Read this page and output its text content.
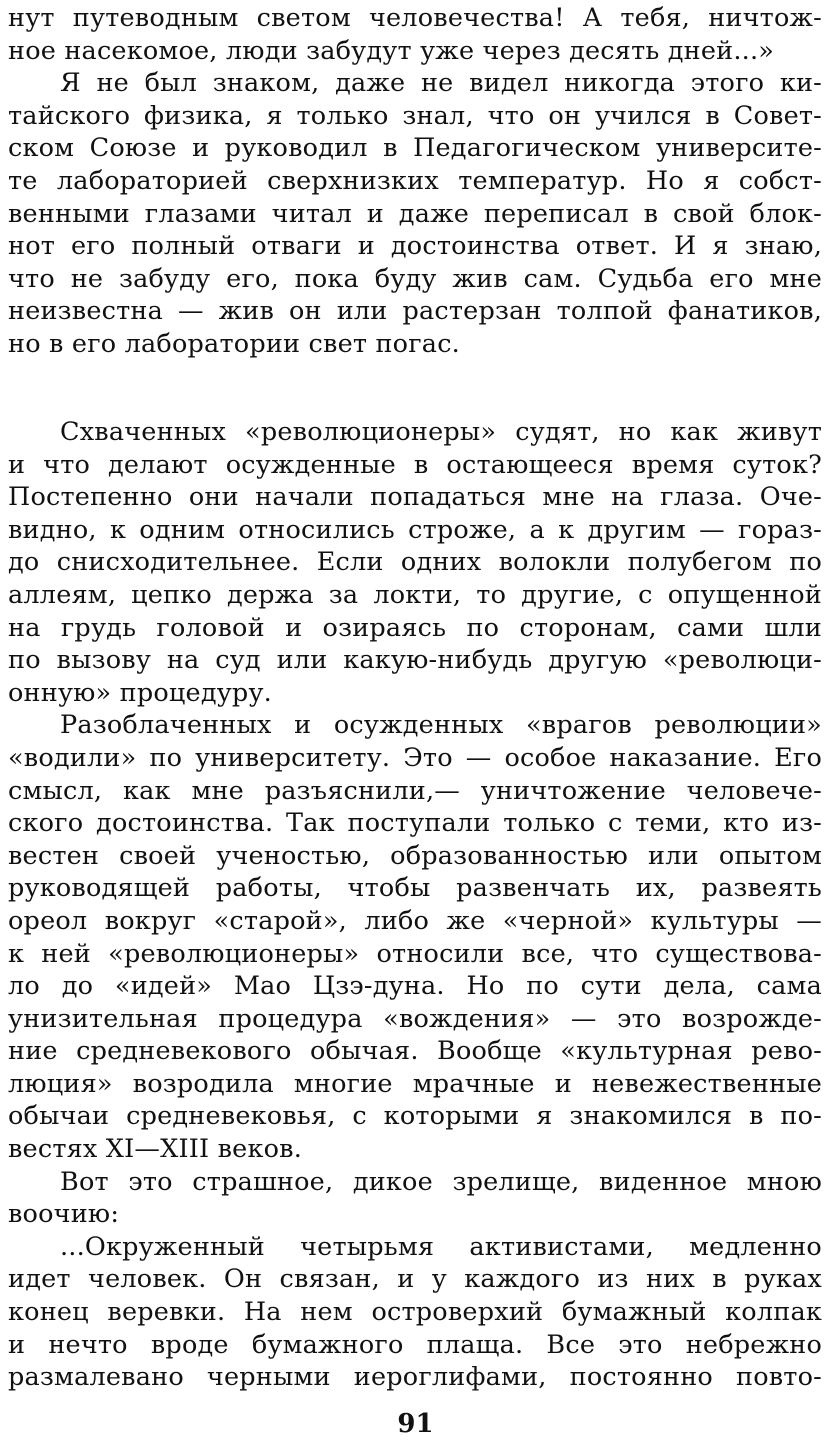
нут путеводным светом человечества! А тебя, ничтож-
ное насекомое, люди забудут уже через десять дней...»
Я не был знаком, даже не видел никогда этого ки-
тайского физика, я только знал, что он учился в Совет-
ском Союзе и руководил в Педагогическом университе-
те лабораторией сверхнизких температур. Но я собст-
венными глазами читал и даже переписал в свой блок-
нот его полный отваги и достоинства ответ. И я знаю,
что не забуду его, пока буду жив сам. Судьба его мне
неизвестна — жив он или растерзан толпой фанатиков,
но в его лаборатории свет погас.
Схваченных «революционеры» судят, но как живут
и что делают осужденные в остающееся время суток?
Постепенно они начали попадаться мне на глаза. Оче-
видно, к одним относились строже, а к другим — гораз-
до снисходительнее. Если одних волокли полубегом по
аллеям, цепко держа за локти, то другие, с опущенной
на грудь головой и озираясь по сторонам, сами шли
по вызову на суд или какую-нибудь другую «революци-
онную» процедуру.
Разоблаченных и осужденных «врагов революции»
«водили» по университету. Это — особое наказание. Его
смысл, как мне разъяснили,— уничтожение человече-
ского достоинства. Так поступали только с теми, кто из-
вестен своей ученостью, образованностью или опытом
руководящей работы, чтобы развенчать их, развеять
ореол вокруг «старой», либо же «черной» культуры —
к ней «революционеры» относили все, что существова-
ло до «идей» Мао Цзэ-дуна. Но по сути дела, сама
унизительная процедура «вождения» — это возрожде-
ние средневекового обычая. Вообще «культурная рево-
люция» возродила многие мрачные и невежественные
обычаи средневековья, с которыми я знакомился в по-
вестях XI—XIII веков.
Вот это страшное, дикое зрелище, виденное мною
воочию:
...Окруженный четырьмя активистами, медленно
идет человек. Он связан, и у каждого из них в руках
конец веревки. На нем островерхий бумажный колпак
и нечто вроде бумажного плаща. Все это небрежно
размалевано черными иероглифами, постоянно повто-
91
